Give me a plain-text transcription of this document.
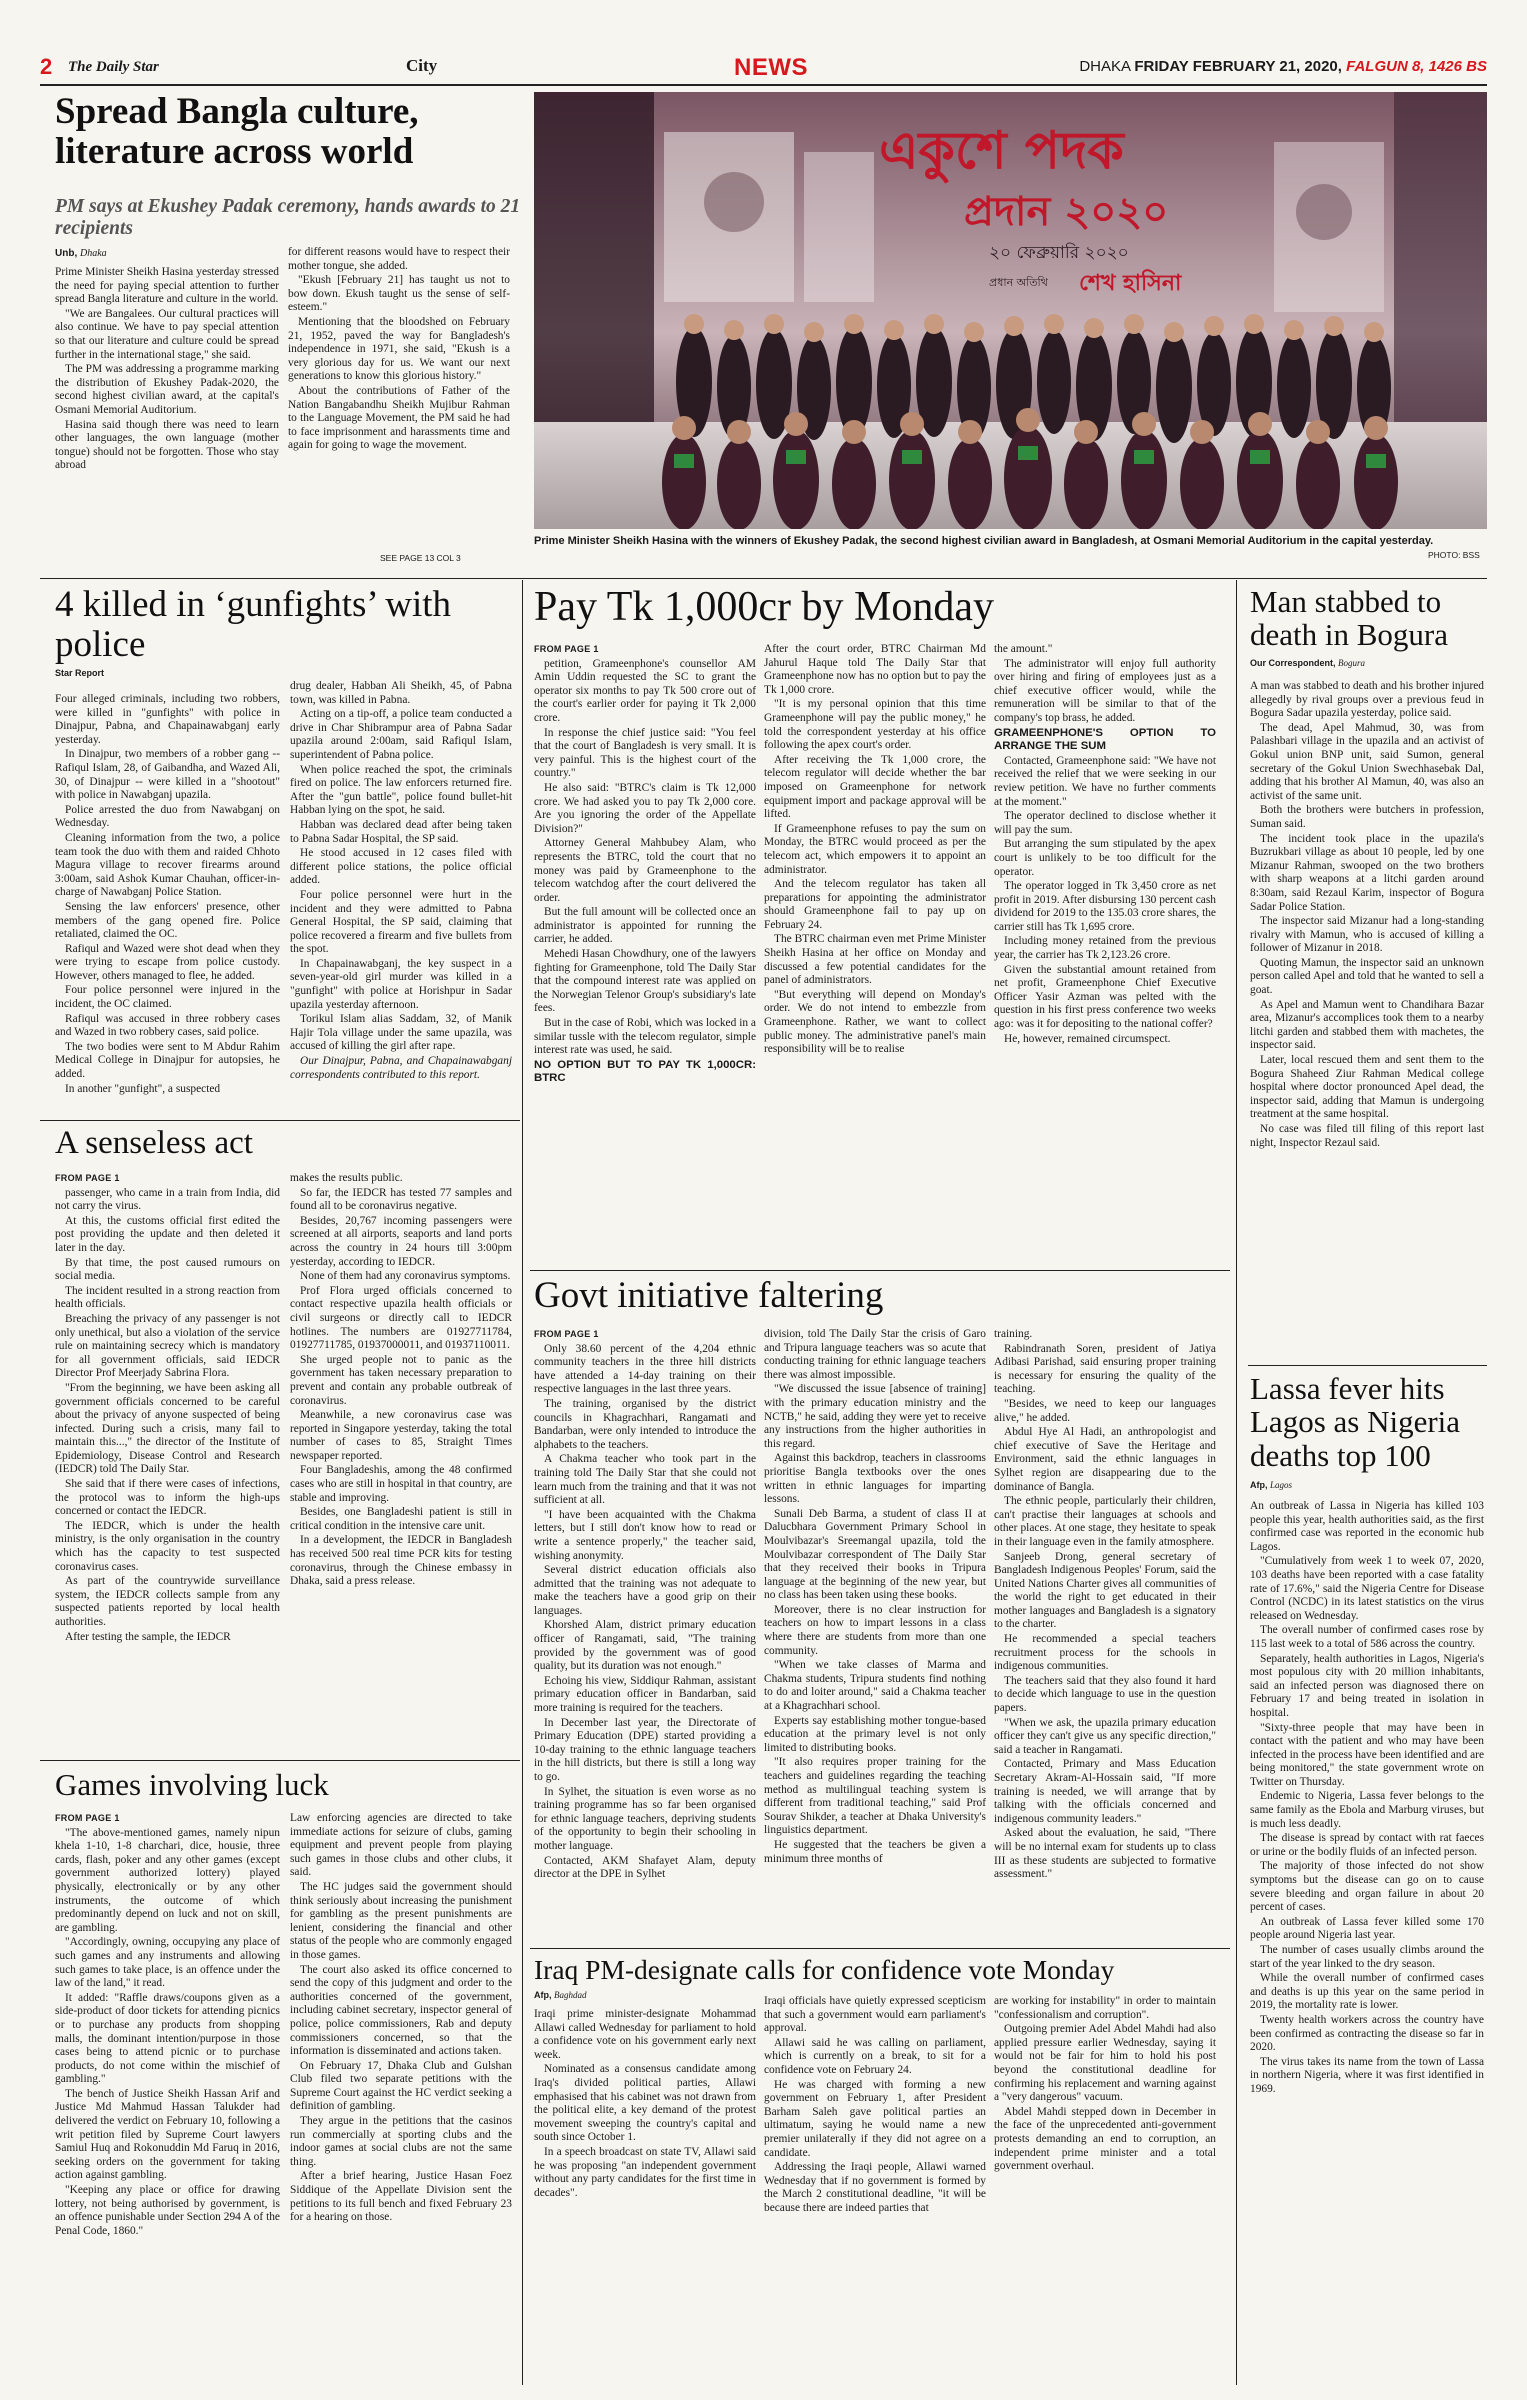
2 The Daily Star	City	NEWS	DHAKA FRIDAY FEBRUARY 21, 2020, FALGUN 8, 1426 BS
Spread Bangla culture, literature across world
PM says at Ekushey Padak ceremony, hands awards to 21 recipients
Unb, Dhaka

Prime Minister Sheikh Hasina yesterday stressed the need for paying special attention to further spread Bangla literature and culture in the world.

"We are Bangalees. Our cultural practices will also continue. We have to pay special attention so that our literature and culture could be spread further in the international stage," she said.

The PM was addressing a programme marking the distribution of Ekushey Padak-2020, the second highest civilian award, at the capital's Osmani Memorial Auditorium.

Hasina said though there was need to learn other languages, the own language (mother tongue) should not be forgotten. Those who stay abroad

for different reasons would have to respect their mother tongue, she added.

"Ekush [February 21] has taught us not to bow down. Ekush taught us the sense of self-esteem."

Mentioning that the bloodshed on February 21, 1952, paved the way for Bangladesh's independence in 1971, she said, "Ekush is a very glorious day for us. We want our next generations to know this glorious history."

About the contributions of Father of the Nation Bangabandhu Sheikh Mujibur Rahman to the Language Movement, the PM said he had to face imprisonment and harassments time and again for going to wage the movement.

SEE PAGE 13 COL 3
একুশে পদক
প্রদান ২০২০
২০ ফেব্রুয়ারি ২০২০
প্রধান অতিথি শেখ হাসিনা
Prime Minister Sheikh Hasina with the winners of Ekushey Padak, the second highest civilian award in Bangladesh, at Osmani Memorial Auditorium in the capital yesterday.
PHOTO: BSS
4 killed in ‘gunfights’ with police
Star Report

Four alleged criminals, including two robbers, were killed in "gunfights" with police in Dinajpur, Pabna, and Chapainawabganj early yesterday.

In Dinajpur, two members of a robber gang -- Rafiqul Islam, 28, of Gaibandha, and Wazed Ali, 30, of Dinajpur -- were killed in a "shootout" with police in Nawabganj upazila.

Police arrested the duo from Nawabganj on Wednesday.

Cleaning information from the two, a police team took the duo with them and raided Chhoto Magura village to recover firearms around 3:00am, said Ashok Kumar Chauhan, officer-in-charge of Nawabganj Police Station.

Sensing the law enforcers' presence, other members of the gang opened fire. Police retaliated, claimed the OC.

Rafiqul and Wazed were shot dead when they were trying to escape from police custody. However, others managed to flee, he added.

Four police personnel were injured in the incident, the OC claimed.

Rafiqul was accused in three robbery cases and Wazed in two robbery cases, said police.

The two bodies were sent to M Abdur Rahim Medical College in Dinajpur for autopsies, he added.

In another "gunfight", a suspected

drug dealer, Habban Ali Sheikh, 45, of Pabna town, was killed in Pabna.

Acting on a tip-off, a police team conducted a drive in Char Shibrampur area of Pabna Sadar upazila around 2:00am, said Rafiqul Islam, superintendent of Pabna police.

When police reached the spot, the criminals fired on police. The law enforcers returned fire. After the "gun battle", police found bullet-hit Habban lying on the spot, he said.

Habban was declared dead after being taken to Pabna Sadar Hospital, the SP said.

He stood accused in 12 cases filed with different police stations, the police official added.

Four police personnel were hurt in the incident and they were admitted to Pabna General Hospital, the SP said, claiming that police recovered a firearm and five bullets from the spot.

In Chapainawabganj, the key suspect in a seven-year-old girl murder was killed in a "gunfight" with police at Horishpur in Sadar upazila yesterday afternoon.

Torikul Islam alias Saddam, 32, of Manik Hajir Tola village under the same upazila, was accused of killing the girl after rape.

Our Dinajpur, Pabna, and Chapainawabganj correspondents contributed to this report.

Pay Tk 1,000cr by Monday

FROM PAGE 1

petition, Grameenphone's counsellor AM Amin Uddin requested the SC to grant the operator six months to pay Tk 500 crore out of the court's earlier order for paying it Tk 2,000 crore.

In response the chief justice said: "You feel that the court of Bangladesh is very small. It is very painful. This is the highest court of the country."

He also said: "BTRC's claim is Tk 12,000 crore. We had asked you to pay Tk 2,000 core. Are you ignoring the order of the Appellate Division?"

Attorney General Mahbubey Alam, who represents the BTRC, told the court that no money was paid by Grameenphone to the telecom watchdog after the court delivered the order.

But the full amount will be collected once an administrator is appointed for running the carrier, he added.

Mehedi Hasan Chowdhury, one of the lawyers fighting for Grameenphone, told The Daily Star that the compound interest rate was applied on the Norwegian Telenor Group's subsidiary's late fees.

But in the case of Robi, which was locked in a similar tussle with the telecom regulator, simple interest rate was used, he said.

NO OPTION BUT TO PAY TK 1,000CR: BTRC

After the court order, BTRC Chairman Md Jahurul Haque told The Daily Star that Grameenphone now has no option but to pay the Tk 1,000 crore.

"It is my personal opinion that this time Grameenphone will pay the public money," he told the correspondent yesterday at his office following the apex court's order.

After receiving the Tk 1,000 crore, the telecom regulator will decide whether the bar imposed on Grameenphone for network equipment import and package approval will be lifted.

If Grameenphone refuses to pay the sum on Monday, the BTRC would proceed as per the telecom act, which empowers it to appoint an administrator.

And the telecom regulator has taken all preparations for appointing the administrator should Grameenphone fail to pay up on February 24.

The BTRC chairman even met Prime Minister Sheikh Hasina at her office on Monday and discussed a few potential candidates for the panel of administrators.

"But everything will depend on Monday's order. We do not intend to embezzle from Grameenphone. Rather, we want to collect public money. The administrative panel's main responsibility will be to realise

the amount."

The administrator will enjoy full authority over hiring and firing of employees just as a chief executive officer would, while the remuneration will be similar to that of the company's top brass, he added.

GRAMEENPHONE'S OPTION TO ARRANGE THE SUM

Contacted, Grameenphone said: "We have not received the relief that we were seeking in our review petition. We have no further comments at the moment."

The operator declined to disclose whether it will pay the sum.

But arranging the sum stipulated by the apex court is unlikely to be too difficult for the operator.

The operator logged in Tk 3,450 crore as net profit in 2019. After disbursing 130 percent cash dividend for 2019 to the 135.03 crore shares, the carrier still has Tk 1,695 crore.

Including money retained from the previous year, the carrier has Tk 2,123.26 crore.

Given the substantial amount retained from net profit, Grameenphone Chief Executive Officer Yasir Azman was pelted with the question in his first press conference two weeks ago: was it for depositing to the national coffer?

He, however, remained circumspect.

Man stabbed to death in Bogura
Our Correspondent, Bogura

A man was stabbed to death and his brother injured allegedly by rival groups over a previous feud in Bogura Sadar upazila yesterday, police said.

The dead, Apel Mahmud, 30, was from Palashbari village in the upazila and an activist of Gokul union BNP unit, said Sumon, general secretary of the Gokul Union Swechhasebak Dal, adding that his brother Al Mamun, 40, was also an activist of the same unit.

Both the brothers were butchers in profession, Suman said.

The incident took place in the upazila's Buzrukbari village as about 10 people, led by one Mizanur Rahman, swooped on the two brothers with sharp weapons at a litchi garden around 8:30am, said Rezaul Karim, inspector of Bogura Sadar Police Station.

The inspector said Mizanur had a long-standing rivalry with Mamun, who is accused of killing a follower of Mizanur in 2018.

Quoting Mamun, the inspector said an unknown person called Apel and told that he wanted to sell a goat.

As Apel and Mamun went to Chandihara Bazar area, Mizanur's accomplices took them to a nearby litchi garden and stabbed them with machetes, the inspector said.

Later, local rescued them and sent them to the Bogura Shaheed Ziur Rahman Medical college hospital where doctor pronounced Apel dead, the inspector said, adding that Mamun is undergoing treatment at the same hospital.

No case was filed till filing of this report last night, Inspector Rezaul said.

Lassa fever hits Lagos as Nigeria deaths top 100
Afp, Lagos

An outbreak of Lassa in Nigeria has killed 103 people this year, health authorities said, as the first confirmed case was reported in the economic hub Lagos.

"Cumulatively from week 1 to week 07, 2020, 103 deaths have been reported with a case fatality rate of 17.6%," said the Nigeria Centre for Disease Control (NCDC) in its latest statistics on the virus released on Wednesday.

The overall number of confirmed cases rose by 115 last week to a total of 586 across the country.

Separately, health authorities in Lagos, Nigeria's most populous city with 20 million inhabitants, said an infected person was diagnosed there on February 17 and being treated in isolation in hospital.

"Sixty-three people that may have been in contact with the patient and who may have been infected in the process have been identified and are being monitored," the state government wrote on Twitter on Thursday.

Endemic to Nigeria, Lassa fever belongs to the same family as the Ebola and Marburg viruses, but is much less deadly.

The disease is spread by contact with rat faeces or urine or the bodily fluids of an infected person.

The majority of those infected do not show symptoms but the disease can go on to cause severe bleeding and organ failure in about 20 percent of cases.

An outbreak of Lassa fever killed some 170 people around Nigeria last year.

The number of cases usually climbs around the start of the year linked to the dry season.

While the overall number of confirmed cases and deaths is up this year on the same period in 2019, the mortality rate is lower.

Twenty health workers across the country have been confirmed as contracting the disease so far in 2020.

The virus takes its name from the town of Lassa in northern Nigeria, where it was first identified in 1969.

A senseless act

FROM PAGE 1

passenger, who came in a train from India, did not carry the virus.

At this, the customs official first edited the post providing the update and then deleted it later in the day.

By that time, the post caused rumours on social media.

The incident resulted in a strong reaction from health officials.

Breaching the privacy of any passenger is not only unethical, but also a violation of the service rule on maintaining secrecy which is mandatory for all government officials, said IEDCR Director Prof Meerjady Sabrina Flora.

"From the beginning, we have been asking all government officials concerned to be careful about the privacy of anyone suspected of being infected. During such a crisis, many fail to maintain this...," the director of the Institute of Epidemiology, Disease Control and Research (IEDCR) told The Daily Star.

She said that if there were cases of infections, the protocol was to inform the high-ups concerned or contact the IEDCR.

The IEDCR, which is under the health ministry, is the only organisation in the country which has the capacity to test suspected coronavirus cases.

As part of the countrywide surveillance system, the IEDCR collects sample from any suspected patients reported by local health authorities.

After testing the sample, the IEDCR

makes the results public.

So far, the IEDCR has tested 77 samples and found all to be coronavirus negative.

Besides, 20,767 incoming passengers were screened at all airports, seaports and land ports across the country in 24 hours till 3:00pm yesterday, according to IEDCR.

None of them had any coronavirus symptoms.

Prof Flora urged officials concerned to contact respective upazila health officials or civil surgeons or directly call to IEDCR hotlines. The numbers are 01927711784, 01927711785, 01937000011, and 01937110011.

She urged people not to panic as the government has taken necessary preparation to prevent and contain any probable outbreak of coronavirus.

Meanwhile, a new coronavirus case was reported in Singapore yesterday, taking the total number of cases to 85, Straight Times newspaper reported.

Four Bangladeshis, among the 48 confirmed cases who are still in hospital in that country, are stable and improving.

Besides, one Bangladeshi patient is still in critical condition in the intensive care unit.

In a development, the IEDCR in Bangladesh has received 500 real time PCR kits for testing coronavirus, through the Chinese embassy in Dhaka, said a press release.

Games involving luck

FROM PAGE 1

"The above-mentioned games, namely nipun khela 1-10, 1-8 charchari, dice, housie, three cards, flash, poker and any other games (except government authorized lottery) played physically, electronically or by any other instruments, the outcome of which predominantly depend on luck and not on skill, are gambling.

"Accordingly, owning, occupying any place of such games and any instruments and allowing such games to take place, is an offence under the law of the land," it read.

It added: "Raffle draws/coupons given as a side-product of door tickets for attending picnics or to purchase any products from shopping malls, the dominant intention/purpose in those cases being to attend picnic or to purchase products, do not come within the mischief of gambling."

The bench of Justice Sheikh Hassan Arif and Justice Md Mahmud Hassan Talukder had delivered the verdict on February 10, following a writ petition filed by Supreme Court lawyers Samiul Huq and Rokonuddin Md Faruq in 2016, seeking orders on the government for taking action against gambling.

"Keeping any place or office for drawing lottery, not being authorised by government, is an offence punishable under Section 294 A of the Penal Code, 1860."

Law enforcing agencies are directed to take immediate actions for seizure of clubs, gaming equipment and prevent people from playing such games in those clubs and other clubs, it said.

The HC judges said the government should think seriously about increasing the punishment for gambling as the present punishments are lenient, considering the financial and other status of the people who are commonly engaged in those games.

The court also asked its office concerned to send the copy of this judgment and order to the authorities concerned of the government, including cabinet secretary, inspector general of police, police commissioners, Rab and deputy commissioners concerned, so that the information is disseminated and actions taken.

On February 17, Dhaka Club and Gulshan Club filed two separate petitions with the Supreme Court against the HC verdict seeking a definition of gambling.

They argue in the petitions that the casinos run commercially at sporting clubs and the indoor games at social clubs are not the same thing.

After a brief hearing, Justice Hasan Foez Siddique of the Appellate Division sent the petitions to its full bench and fixed February 23 for a hearing on those.

Govt initiative faltering

FROM PAGE 1

Only 38.60 percent of the 4,204 ethnic community teachers in the three hill districts have attended a 14-day training on their respective languages in the last three years.

The training, organised by the district councils in Khagrachhari, Rangamati and Bandarban, were only intended to introduce the alphabets to the teachers.

A Chakma teacher who took part in the training told The Daily Star that she could not learn much from the training and that it was not sufficient at all.

"I have been acquainted with the Chakma letters, but I still don't know how to read or write a sentence properly," the teacher said, wishing anonymity.

Several district education officials also admitted that the training was not adequate to make the teachers have a good grip on their languages.

Khorshed Alam, district primary education officer of Rangamati, said, "The training provided by the government was of good quality, but its duration was not enough."

Echoing his view, Siddiqur Rahman, assistant primary education officer in Bandarban, said more training is required for the teachers.

In December last year, the Directorate of Primary Education (DPE) started providing a 10-day training to the ethnic language teachers in the hill districts, but there is still a long way to go.

In Sylhet, the situation is even worse as no training programme has so far been organised for ethnic language teachers, depriving students of the opportunity to begin their schooling in mother language.

Contacted, AKM Shafayet Alam, deputy director at the DPE in Sylhet

division, told The Daily Star the crisis of Garo and Tripura language teachers was so acute that conducting training for ethnic language teachers there was almost impossible.

"We discussed the issue [absence of training] with the primary education ministry and the NCTB," he said, adding they were yet to receive any instructions from the higher authorities in this regard.

Against this backdrop, teachers in classrooms prioritise Bangla textbooks over the ones written in ethnic languages for imparting lessons.

Sunali Deb Barma, a student of class II at Dalucbhara Government Primary School in Moulvibazar's Sreemangal upazila, told the Moulvibazar correspondent of The Daily Star that they received their books in Tripura language at the beginning of the new year, but no class has been taken using these books.

Moreover, there is no clear instruction for teachers on how to impart lessons in a class where there are students from more than one community.

"When we take classes of Marma and Chakma students, Tripura students find nothing to do and loiter around," said a Chakma teacher at a Khagrachhari school.

Experts say establishing mother tongue-based education at the primary level is not only limited to distributing books.

"It also requires proper training for the teachers and guidelines regarding the teaching method as multilingual teaching system is different from traditional teaching," said Prof Sourav Shikder, a teacher at Dhaka University's linguistics department.

He suggested that the teachers be given a minimum three months of

training.

Rabindranath Soren, president of Jatiya Adibasi Parishad, said ensuring proper training is necessary for ensuring the quality of the teaching.

"Besides, we need to keep our languages alive," he added.

Abdul Hye Al Hadi, an anthropologist and chief executive of Save the Heritage and Environment, said the ethnic languages in Sylhet region are disappearing due to the dominance of Bangla.

The ethnic people, particularly their children, can't practise their languages at schools and other places. At one stage, they hesitate to speak in their language even in the family atmosphere.

Sanjeeb Drong, general secretary of Bangladesh Indigenous Peoples' Forum, said the United Nations Charter gives all communities of the world the right to get educated in their mother languages and Bangladesh is a signatory to the charter.

He recommended a special teachers recruitment process for the schools in indigenous communities.

The teachers said that they also found it hard to decide which language to use in the question papers.

"When we ask, the upazila primary education officer they can't give us any specific direction," said a teacher in Rangamati.

Contacted, Primary and Mass Education Secretary Akram-Al-Hossain said, "If more training is needed, we will arrange that by talking with the officials concerned and indigenous community leaders."

Asked about the evaluation, he said, "There will be no internal exam for students up to class III as these students are subjected to formative assessment."

Iraq PM-designate calls for confidence vote Monday
Afp, Baghdad

Iraqi prime minister-designate Mohammad Allawi called Wednesday for parliament to hold a confidence vote on his government early next week.

Nominated as a consensus candidate among Iraq's divided political parties, Allawi emphasised that his cabinet was not drawn from the political elite, a key demand of the protest movement sweeping the country's capital and south since October 1.

In a speech broadcast on state TV, Allawi said he was proposing "an independent government without any party candidates for the first time in decades".

Iraqi officials have quietly expressed scepticism that such a government would earn parliament's approval.

Allawi said he was calling on parliament, which is currently on a break, to sit for a confidence vote on February 24.

He was charged with forming a new government on February 1, after President Barham Saleh gave political parties an ultimatum, saying he would name a new premier unilaterally if they did not agree on a candidate.

Addressing the Iraqi people, Allawi warned Wednesday that if no government is formed by the March 2 constitutional deadline, "it will be because there are indeed parties that

are working for instability" in order to maintain "confessionalism and corruption".

Outgoing premier Adel Abdel Mahdi had also applied pressure earlier Wednesday, saying it would not be fair for him to hold his post beyond the constitutional deadline for confirming his replacement and warning against a "very dangerous" vacuum.

Abdel Mahdi stepped down in December in the face of the unprecedented anti-government protests demanding an end to corruption, an independent prime minister and a total government overhaul.
